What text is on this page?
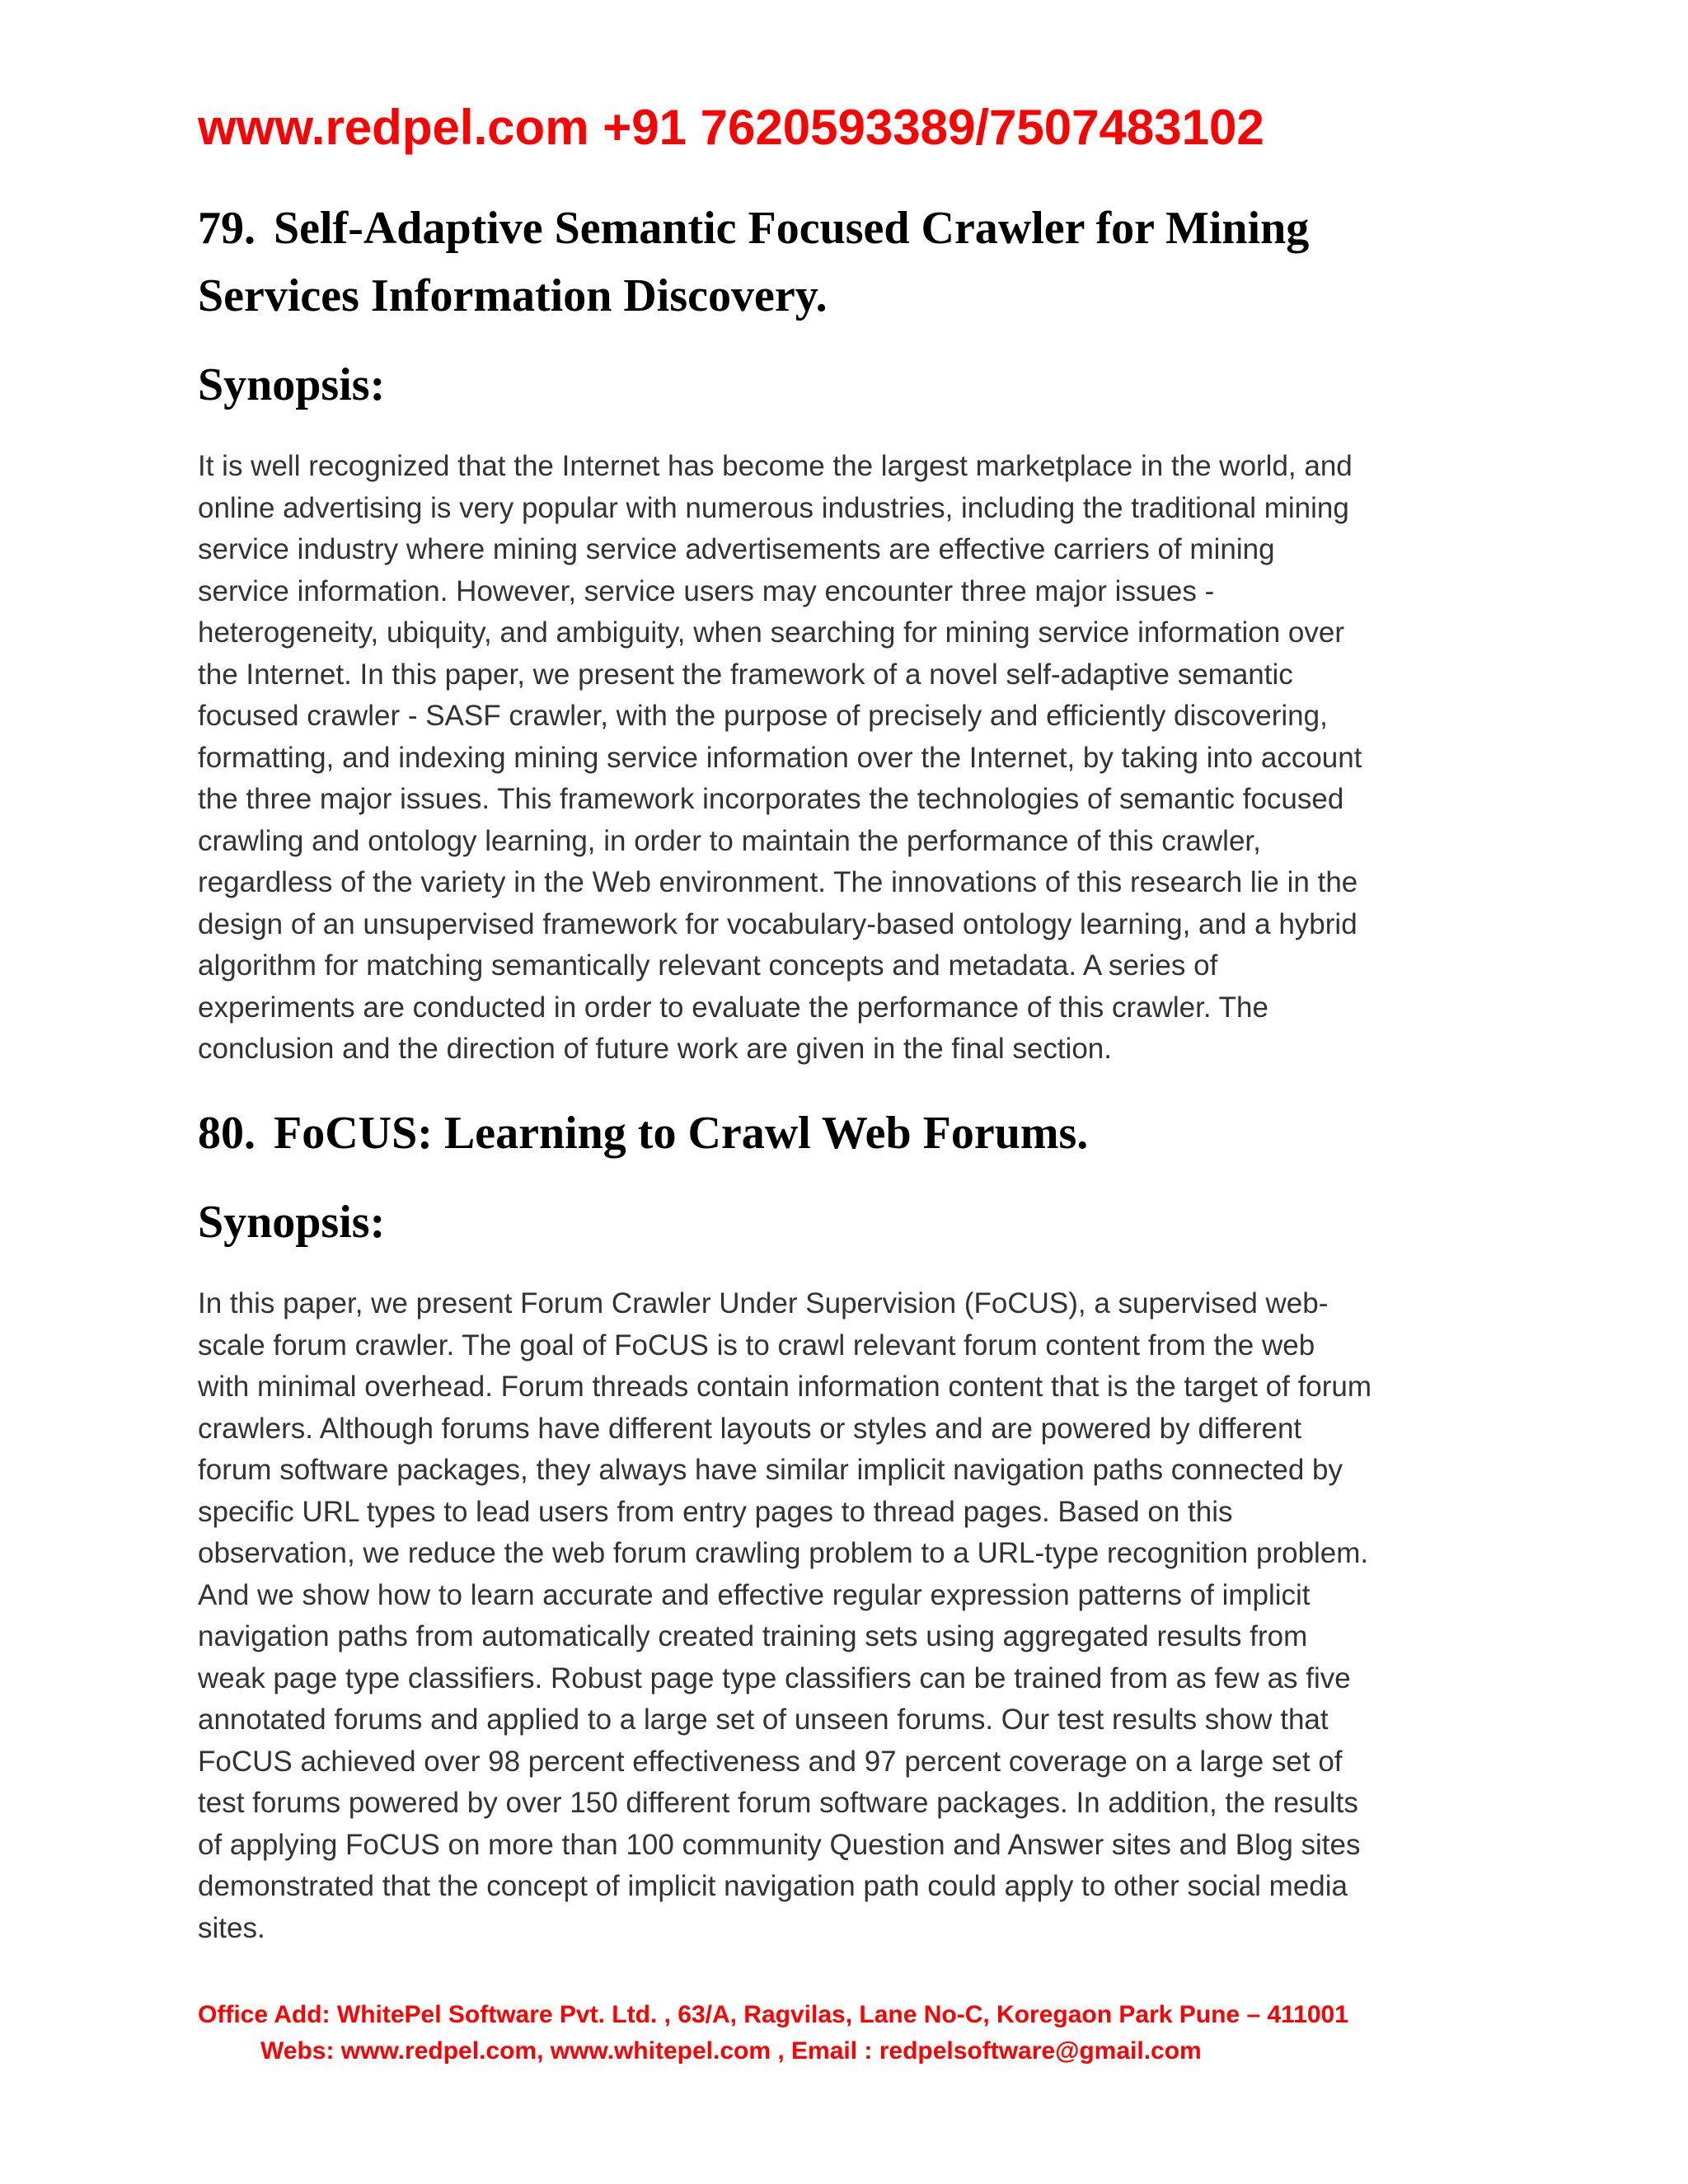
www.redpel.com +91 7620593389/7507483102
79. Self-Adaptive Semantic Focused Crawler for Mining
Services Information Discovery.
Synopsis:

It is well recognized that the Internet has become the largest marketplace in the world, and
online advertising is very popular with numerous industries, including the traditional mining
service industry where mining service advertisements are effective carriers of mining
service information. However, service users may encounter three major issues -
heterogeneity, ubiquity, and ambiguity, when searching for mining service information over
the Internet. In this paper, we present the framework of a novel self-adaptive semantic
focused crawler - SASF crawler, with the purpose of precisely and efficiently discovering,
formatting, and indexing mining service information over the Internet, by taking into account
the three major issues. This framework incorporates the technologies of semantic focused
crawling and ontology learning, in order to maintain the performance of this crawler,
regardless of the variety in the Web environment. The innovations of this research lie in the
design of an unsupervised framework for vocabulary-based ontology learning, and a hybrid
algorithm for matching semantically relevant concepts and metadata. A series of
experiments are conducted in order to evaluate the performance of this crawler. The
conclusion and the direction of future work are given in the final section.

80. FoCUS: Learning to Crawl Web Forums.
Synopsis:

In this paper, we present Forum Crawler Under Supervision (FoCUS), a supervised web-
scale forum crawler. The goal of FoCUS is to crawl relevant forum content from the web
with minimal overhead. Forum threads contain information content that is the target of forum
crawlers. Although forums have different layouts or styles and are powered by different
forum software packages, they always have similar implicit navigation paths connected by
specific URL types to lead users from entry pages to thread pages. Based on this
observation, we reduce the web forum crawling problem to a URL-type recognition problem.
And we show how to learn accurate and effective regular expression patterns of implicit
navigation paths from automatically created training sets using aggregated results from
weak page type classifiers. Robust page type classifiers can be trained from as few as five
annotated forums and applied to a large set of unseen forums. Our test results show that
FoCUS achieved over 98 percent effectiveness and 97 percent coverage on a large set of
test forums powered by over 150 different forum software packages. In addition, the results
of applying FoCUS on more than 100 community Question and Answer sites and Blog sites
demonstrated that the concept of implicit navigation path could apply to other social media
sites.

Office Add: WhitePel Software Pvt. Ltd. , 63/A, Ragvilas, Lane No-C, Koregaon Park Pune – 411001
Webs: www.redpel.com, www.whitepel.com , Email : redpelsoftware@gmail.com
